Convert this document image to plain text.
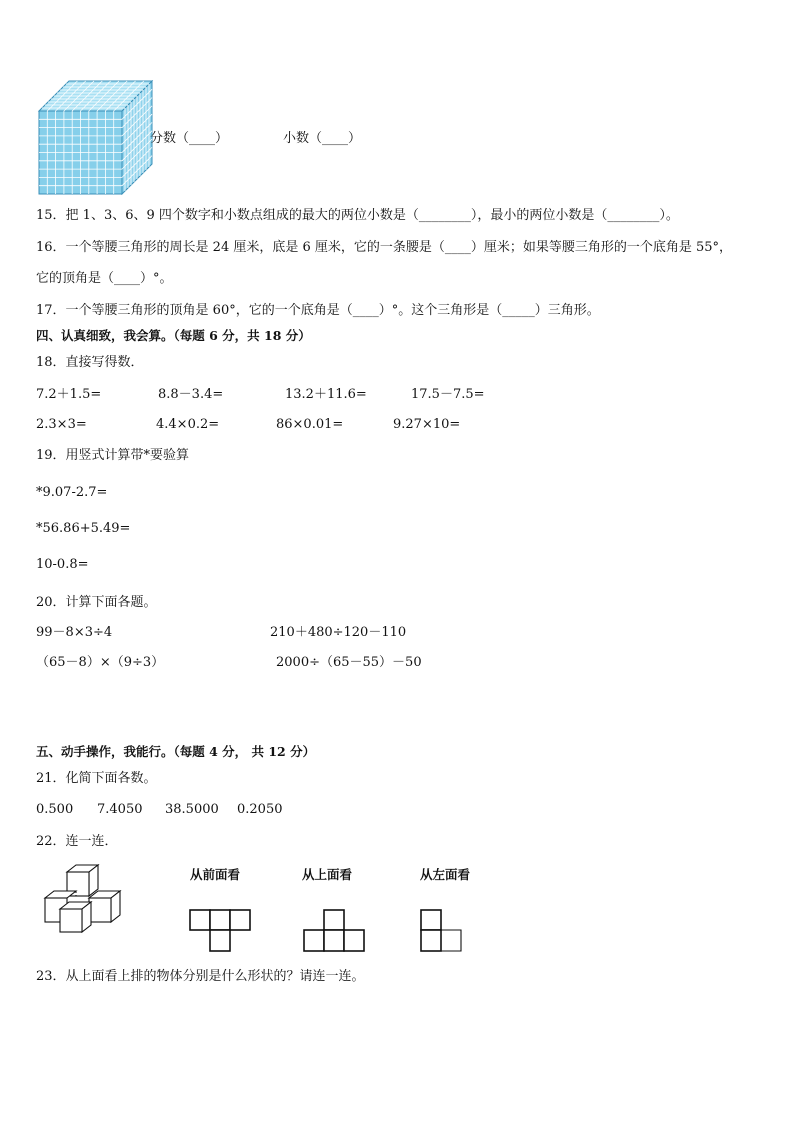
分数（____）	小数（____）
15．把 1、3、6、9 四个数字和小数点组成的最大的两位小数是（________），最小的两位小数是（________）。
16．一个等腰三角形的周长是 24 厘米，底是 6 厘米，它的一条腰是（____）厘米；如果等腰三角形的一个底角是 55°，
它的顶角是（____）°。
17．一个等腰三角形的顶角是 60°，它的一个底角是（____）°。这个三角形是（_____）三角形。
四、认真细致，我会算。（每题 6 分，共 18 分）
18．直接写得数．
7.2＋1.5=	8.8－3.4=	13.2＋11.6=	17.5－7.5=
2.3×3=	4.4×0.2=	86×0.01=	9.27×10=
19．用竖式计算带*要验算
*9.07-2.7=
*56.86+5.49=
10-0.8=
20．计算下面各题。
99－8×3÷4	210＋480÷120－110
（65－8）×（9÷3）	2000÷（65－55）－50
五、动手操作，我能行。（每题 4 分， 共 12 分）
21．化简下面各数。
0.500 7.4050 38.5000 0.2050
22．连一连．
从前面看	从上面看	从左面看
23．从上面看上排的物体分别是什么形状的？请连一连。
